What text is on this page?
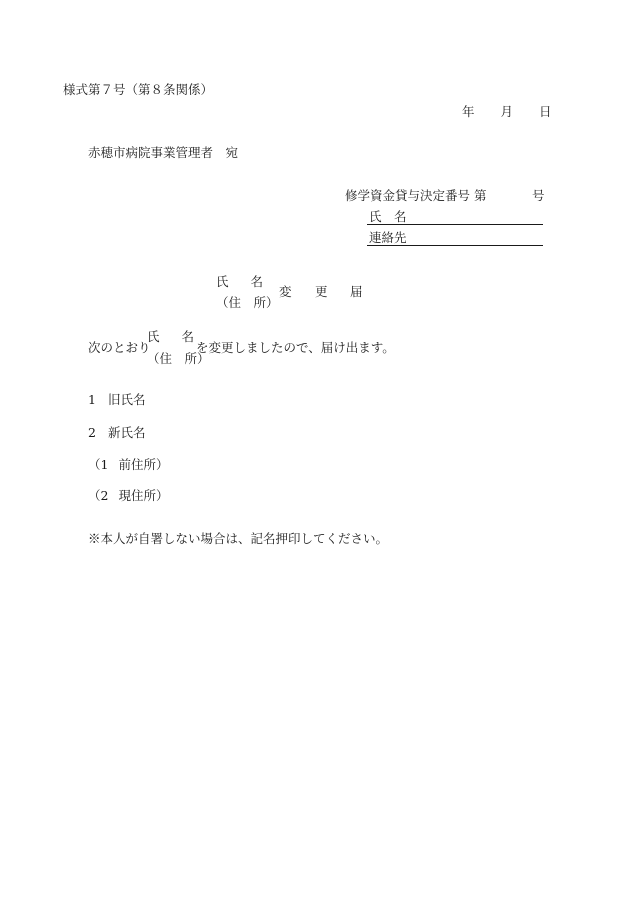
様式第７号（第８条関係）
年 月 日
赤穂市病院事業管理者　宛
修学資金貸与決定番号 第	号
氏　名
連絡先
氏 名
（住　所）
変 更 届
次のとおり
氏 名
（住　所）
を変更しましたので、届け出ます。
1 旧氏名
2 新氏名
（1 前住所）
（2 現住所）
※本人が自署しない場合は、記名押印してください。
